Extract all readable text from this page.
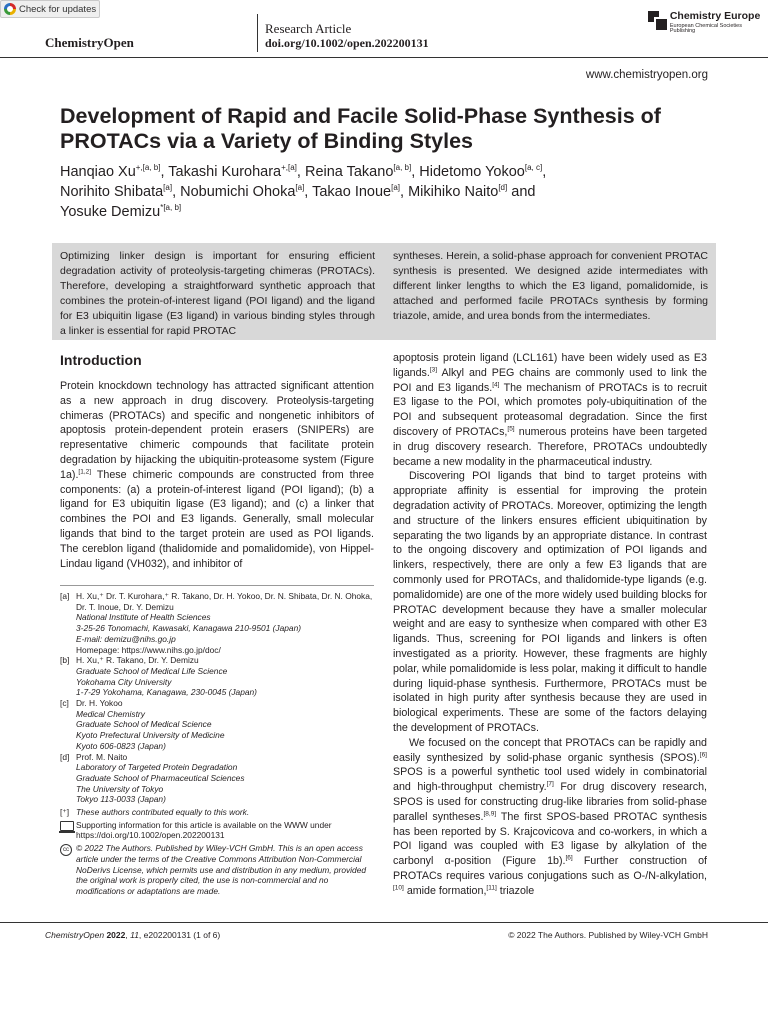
Check for updates
ChemistryOpen
Research Article
doi.org/10.1002/open.202200131
Chemistry Europe
European Chemical Societies Publishing
www.chemistryopen.org
Development of Rapid and Facile Solid-Phase Synthesis of PROTACs via a Variety of Binding Styles
Hanqiao $Xu^{+,[a, b]}$, Takashi Kurohara$^{+,[a]}$, Reina Takano[a, b], Hidetomo Yokoo[a, c],
Norihito Shibata[a], Nobumichi Ohoka[a], Takao Inoue[a], Mikihiko Naito[d] and
Yosuke Demizu$^{*[a, b]}$

Optimizing linker design is important for ensuring efficient degradation activity of proteolysis-targeting chimeras (PROTACs). Therefore, developing a straightforward synthetic approach that combines the protein-of-interest ligand (POI ligand) and the ligand for E3 ubiquitin ligase (E3 ligand) in various binding styles through a linker is essential for rapid PROTAC

syntheses. Herein, a solid-phase approach for convenient PROTAC synthesis is presented. We designed azide intermediates with different linker lengths to which the E3 ligand, pomalidomide, is attached and performed facile PROTACs synthesis by forming triazole, amide, and urea bonds from the intermediates.

Introduction

Protein knockdown technology has attracted significant attention as a new approach in drug discovery. Proteolysis-targeting chimeras (PROTACs) and specific and nongenetic inhibitors of apoptosis protein-dependent protein erasers (SNIPERs) are representative chimeric compounds that facilitate protein degradation by hijacking the ubiquitin-proteasome system (Figure 1a).[1,2] These chimeric compounds are constructed from three components: (a) a protein-of-interest ligand (POI ligand); (b) a ligand for E3 ubiquitin ligase (E3 ligand); and (c) a linker that combines the POI and E3 ligands. Generally, small molecular ligands that bind to the target protein are used as POI ligands. The cereblon ligand (thalidomide and pomalidomide), von Hippel-Lindau ligand (VH032), and inhibitor of

[a] H. Xu,⁺ Dr. T. Kurohara,⁺ R. Takano, Dr. H. Yokoo, Dr. N. Shibata, Dr. N. Ohoka, Dr. T. Inoue, Dr. Y. Demizu
National Institute of Health Sciences
3-25-26 Tonomachi, Kawasaki, Kanagawa 210-9501 (Japan)
E-mail: demizu@nihs.go.jp
Homepage: https://www.nihs.go.jp/doc/
[b] H. Xu,⁺ R. Takano, Dr. Y. Demizu
Graduate School of Medical Life Science
Yokohama City University
1-7-29 Yokohama, Kanagawa, 230-0045 (Japan)
[c] Dr. H. Yokoo
Medical Chemistry
Graduate School of Medical Science
Kyoto Prefectural University of Medicine
Kyoto 606-0823 (Japan)
[d] Prof. M. Naito
Laboratory of Targeted Protein Degradation
Graduate School of Pharmaceutical Sciences
The University of Tokyo
Tokyo 113-0033 (Japan)
[⁺] These authors contributed equally to this work.
Supporting information for this article is available on the WWW under https://doi.org/10.1002/open.202200131
cc © 2022 The Authors. Published by Wiley-VCH GmbH. This is an open access article under the terms of the Creative Commons Attribution Non-Commercial NoDerivs License, which permits use and distribution in any medium, provided the original work is properly cited, the use is non-commercial and no modifications or adaptations are made.

apoptosis protein ligand (LCL161) have been widely used as E3 ligands.[3] Alkyl and PEG chains are commonly used to link the POI and E3 ligands.[4] The mechanism of PROTACs is to recruit E3 ligase to the POI, which promotes poly-ubiquitination of the POI and subsequent proteasomal degradation. Since the first discovery of PROTACs,[5] numerous proteins have been targeted in drug discovery research. Therefore, PROTACs undoubtedly became a new modality in the pharmaceutical industry.

Discovering POI ligands that bind to target proteins with appropriate affinity is essential for improving the protein degradation activity of PROTACs. Moreover, optimizing the length and structure of the linkers ensures efficient ubiquitination by separating the two ligands by an appropriate distance. In contrast to the ongoing discovery and optimization of POI ligands and linkers, respectively, there are only a few E3 ligands that are commonly used for PROTACs, and thalidomide-type ligands (e.g. pomalidomide) are one of the more widely used building blocks for PROTAC development because they have a smaller molecular weight and are easy to synthesize when compared with other E3 ligands. Thus, screening for POI ligands and linkers is often investigated as a priority. However, these fragments are highly polar, while pomalidomide is less polar, making it difficult to handle during liquid-phase synthesis. Furthermore, PROTACs must be isolated in high purity after synthesis because they are used in biological experiments. These are some of the factors delaying the development of PROTACs.

We focused on the concept that PROTACs can be rapidly and easily synthesized by solid-phase organic synthesis (SPOS).[6] SPOS is a powerful synthetic tool used widely in combinatorial and high-throughput chemistry.[7] For drug discovery research, SPOS is used for constructing drug-like libraries from solid-phase parallel syntheses.[8,9] The first SPOS-based PROTAC synthesis has been reported by S. Krajcovicova and co-workers, in which a POI ligand was coupled with E3 ligase by alkylation of the carbonyl α-position (Figure 1b).[6] Further construction of PROTACs requires various conjugations such as O-/N-alkylation,[10] amide formation,[11] triazole

ChemistryOpen 2022, 11, e202200131 (1 of 6)	© 2022 The Authors. Published by Wiley-VCH GmbH
